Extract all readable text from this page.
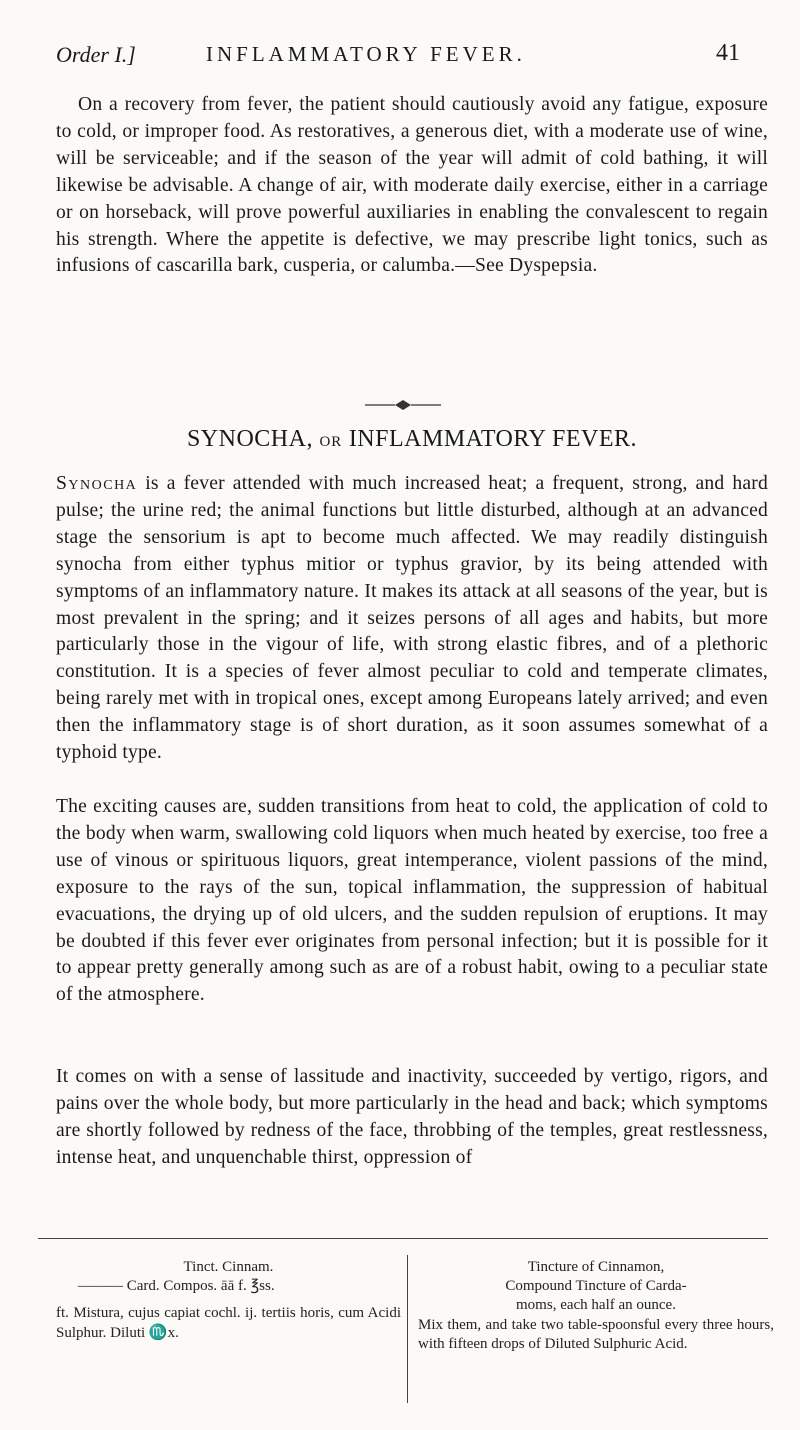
Order I.]	INFLAMMATORY FEVER.	41

On a recovery from fever, the patient should cautiously avoid any fatigue, exposure to cold, or improper food. As restoratives, a generous diet, with a moderate use of wine, will be serviceable; and if the season of the year will admit of cold bathing, it will likewise be advisable. A change of air, with moderate daily exercise, either in a carriage or on horseback, will prove powerful auxiliaries in enabling the convalescent to regain his strength. Where the appetite is defective, we may prescribe light tonics, such as infusions of cascarilla bark, cusperia, or calumba.—See Dyspepsia.

SYNOCHA, OR INFLAMMATORY FEVER.

Synocha is a fever attended with much increased heat; a frequent, strong, and hard pulse; the urine red; the animal functions but little disturbed, although at an advanced stage the sensorium is apt to become much affected. We may readily distinguish synocha from either typhus mitior or typhus gravior, by its being attended with symptoms of an inflammatory nature. It makes its attack at all seasons of the year, but is most prevalent in the spring; and it seizes persons of all ages and habits, but more particularly those in the vigour of life, with strong elastic fibres, and of a plethoric constitution. It is a species of fever almost peculiar to cold and temperate climates, being rarely met with in tropical ones, except among Europeans lately arrived; and even then the inflammatory stage is of short duration, as it soon assumes somewhat of a typhoid type.

The exciting causes are, sudden transitions from heat to cold, the application of cold to the body when warm, swallowing cold liquors when much heated by exercise, too free a use of vinous or spirituous liquors, great intemperance, violent passions of the mind, exposure to the rays of the sun, topical inflammation, the suppression of habitual evacuations, the drying up of old ulcers, and the sudden repulsion of eruptions. It may be doubted if this fever ever originates from personal infection; but it is possible for it to appear pretty generally among such as are of a robust habit, owing to a peculiar state of the atmosphere.

It comes on with a sense of lassitude and inactivity, succeeded by vertigo, rigors, and pains over the whole body, but more particularly in the head and back; which symptoms are shortly followed by redness of the face, throbbing of the temples, great restlessness, intense heat, and unquenchable thirst, oppression of

Tinct. Cinnam.
——— Card. Compos. āā f. ℥ss.
ft. Mistura, cujus capiat cochl. ij. tertiis horis, cum Acidi Sulphur. Diluti ♏x.
Tincture of Cinnamon,
Compound Tincture of Carda-
moms, each half an ounce.
Mix them, and take two table-spoonsful every three hours, with fifteen drops of Diluted Sulphuric Acid.
